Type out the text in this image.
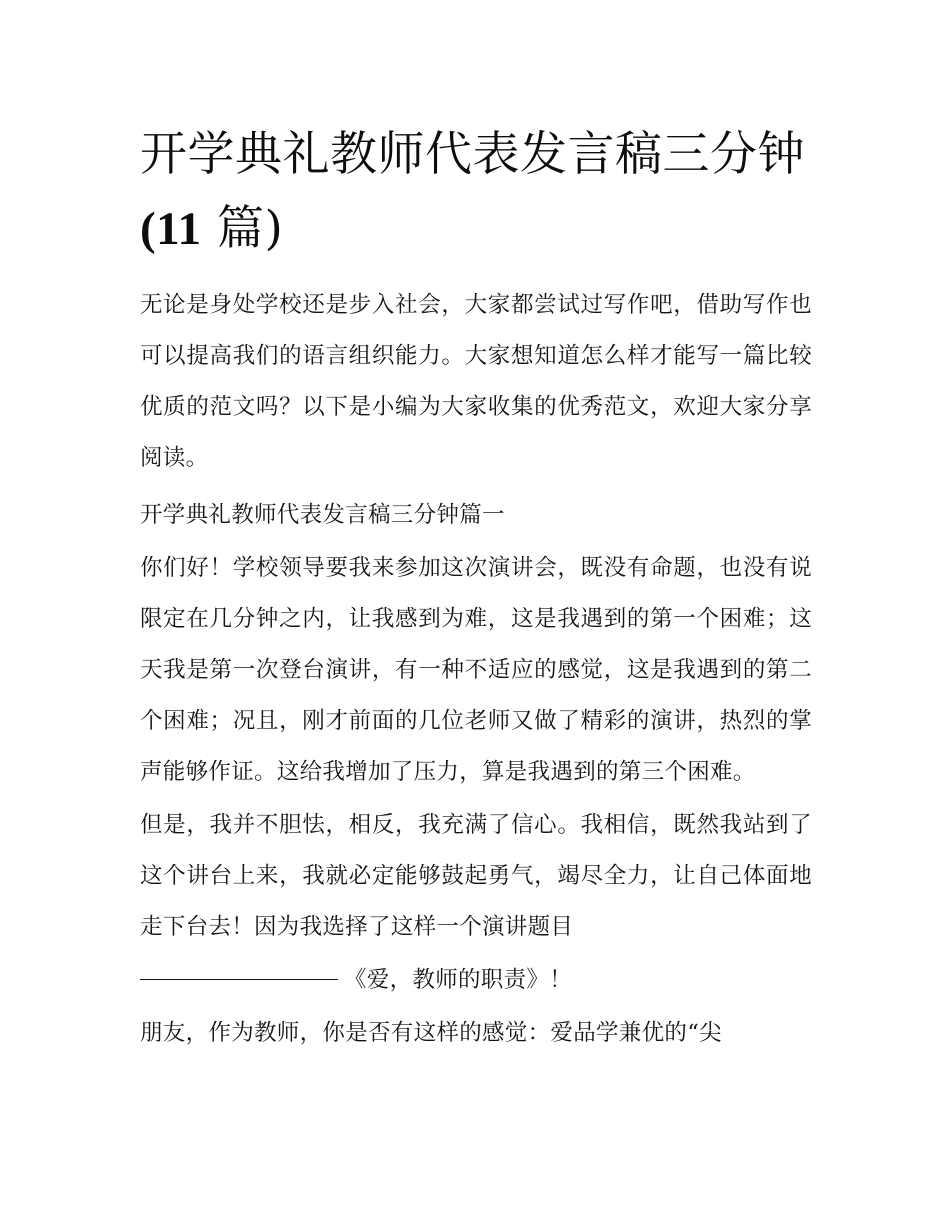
开学典礼教师代表发言稿三分钟(11 篇)

无论是身处学校还是步入社会，大家都尝试过写作吧，借助写作也可以提高我们的语言组织能力。大家想知道怎么样才能写一篇比较优质的范文吗？以下是小编为大家收集的优秀范文，欢迎大家分享阅读。

开学典礼教师代表发言稿三分钟篇一

你们好！学校领导要我来参加这次演讲会，既没有命题，也没有说限定在几分钟之内，让我感到为难，这是我遇到的第一个困难；这天我是第一次登台演讲，有一种不适应的感觉，这是我遇到的第二个困难；况且，刚才前面的几位老师又做了精彩的演讲，热烈的掌声能够作证。这给我增加了压力，算是我遇到的第三个困难。

但是，我并不胆怯，相反，我充满了信心。我相信，既然我站到了这个讲台上来，我就必定能够鼓起勇气，竭尽全力，让自己体面地走下台去！因为我选择了这样一个演讲题目

《爱，教师的职责》！

朋友，作为教师，你是否有这样的感觉：爱品学兼优的“尖
